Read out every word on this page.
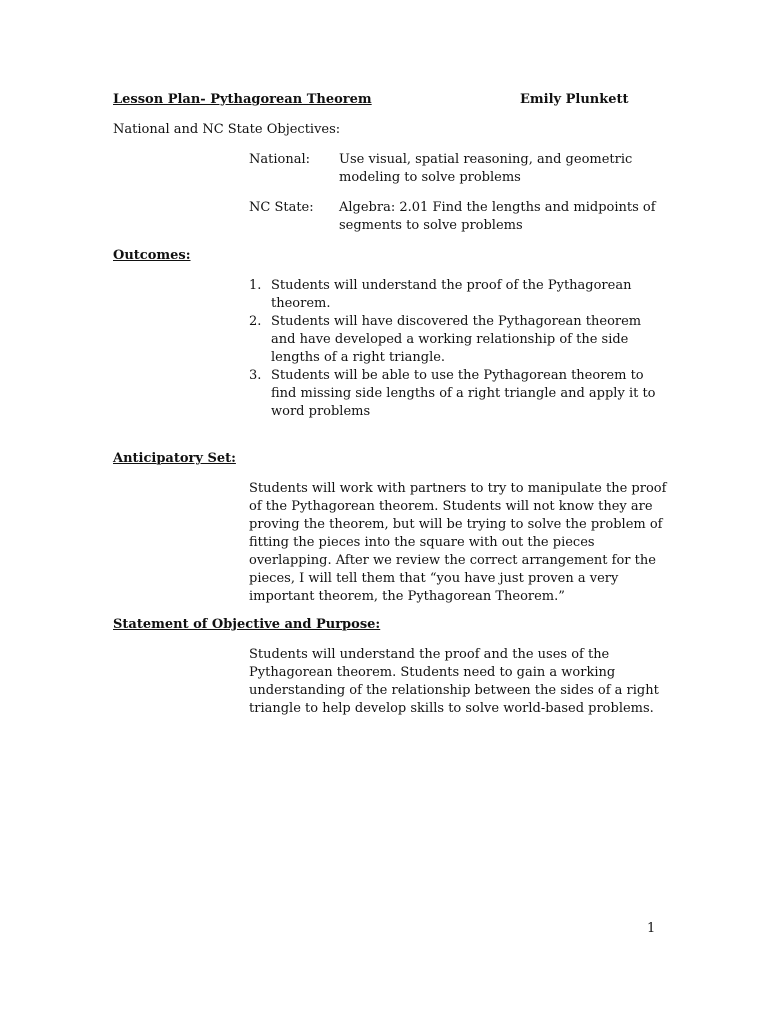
Lesson Plan- Pythagorean Theorem	Emily Plunkett
National and NC State Objectives:
National: Use visual, spatial reasoning, and geometric modeling to solve problems
NC State: Algebra: 2.01 Find the lengths and midpoints of segments to solve problems
Outcomes:
1. Students will understand the proof of the Pythagorean theorem.
2. Students will have discovered the Pythagorean theorem and have developed a working relationship of the side lengths of a right triangle.
3. Students will be able to use the Pythagorean theorem to find missing side lengths of a right triangle and apply it to word problems
Anticipatory Set:
Students will work with partners to try to manipulate the proof of the Pythagorean theorem. Students will not know they are proving the theorem, but will be trying to solve the problem of fitting the pieces into the square with out the pieces overlapping. After we review the correct arrangement for the pieces, I will tell them that “you have just proven a very important theorem, the Pythagorean Theorem.”
Statement of Objective and Purpose:
Students will understand the proof and the uses of the Pythagorean theorem. Students need to gain a working understanding of the relationship between the sides of a right triangle to help develop skills to solve world-based problems.
1
